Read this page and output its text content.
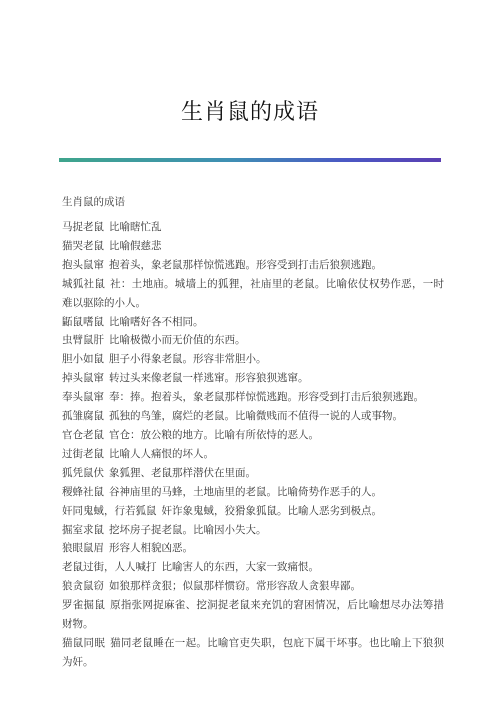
生肖鼠的成语
生肖鼠的成语
马捉老鼠 比喻瞎忙乱
猫哭老鼠 比喻假慈悲
抱头鼠窜 抱着头，象老鼠那样惊慌逃跑。形容受到打击后狼狈逃跑。
城狐社鼠 社：土地庙。城墙上的狐狸，社庙里的老鼠。比喻依仗权势作恶，一时难以驱除的小人。
鼫鼠嗜鼠 比喻嗜好各不相同。
虫臂鼠肝 比喻极微小而无价值的东西。
胆小如鼠 胆子小得象老鼠。形容非常胆小。
掉头鼠窜 转过头来像老鼠一样逃窜。形容狼狈逃窜。
奉头鼠窜 奉：捧。抱着头，象老鼠那样惊慌逃跑。形容受到打击后狼狈逃跑。
孤雏腐鼠 孤独的鸟雏，腐烂的老鼠。比喻微贱而不值得一说的人或事物。
官仓老鼠 官仓：放公粮的地方。比喻有所依恃的恶人。
过街老鼠 比喻人人痛恨的坏人。
狐凭鼠伏 象狐狸、老鼠那样潜伏在里面。
稷蜂社鼠 谷神庙里的马蜂，土地庙里的老鼠。比喻倚势作恶手的人。
奸同鬼蜮，行若狐鼠 奸诈象鬼蜮，狡猾象狐鼠。比喻人恶劣到极点。
掘室求鼠 挖坏房子捉老鼠。比喻因小失大。
狼眼鼠眉 形容人相貌凶恶。
老鼠过街，人人喊打 比喻害人的东西，大家一致痛恨。
狼贪鼠窃 如狼那样贪狠；似鼠那样惯窃。常形容敌人贪狠卑鄙。
罗雀掘鼠 原指张网捉麻雀、挖洞捉老鼠来充饥的窘困情况，后比喻想尽办法筹措财物。
猫鼠同眠 猫同老鼠睡在一起。比喻官吏失职，包庇下属干坏事。也比喻上下狼狈为奸。
